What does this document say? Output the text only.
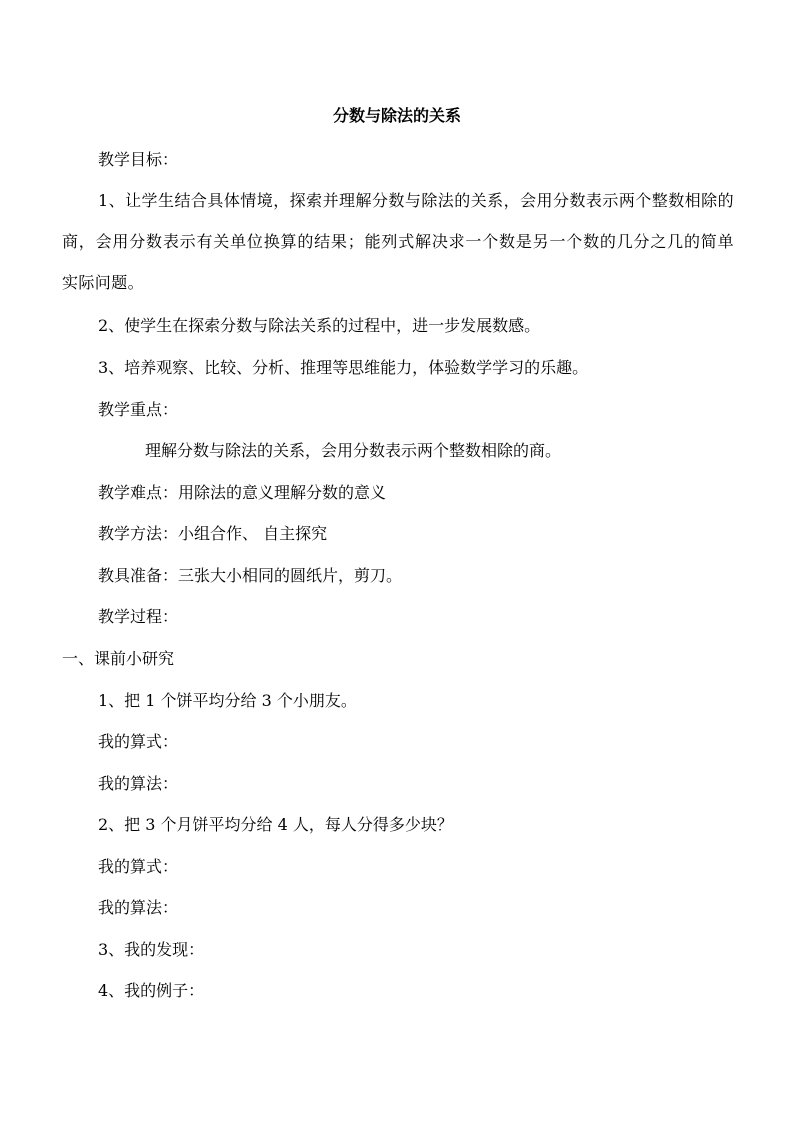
分数与除法的关系
教学目标：
1、让学生结合具体情境，探索并理解分数与除法的关系，会用分数表示两个整数相除的商，会用分数表示有关单位换算的结果；能列式解决求一个数是另一个数的几分之几的简单实际问题。
2、使学生在探索分数与除法关系的过程中，进一步发展数感。
3、培养观察、比较、分析、推理等思维能力，体验数学学习的乐趣。
教学重点：
理解分数与除法的关系，会用分数表示两个整数相除的商。
教学难点：用除法的意义理解分数的意义
教学方法：小组合作、 自主探究
教具准备：三张大小相同的圆纸片，剪刀。
教学过程：
一、课前小研究
1、把 1 个饼平均分给 3 个小朋友。
我的算式：
我的算法：
2、把 3 个月饼平均分给 4 人，每人分得多少块？
我的算式：
我的算法：
3、我的发现：
4、我的例子：
